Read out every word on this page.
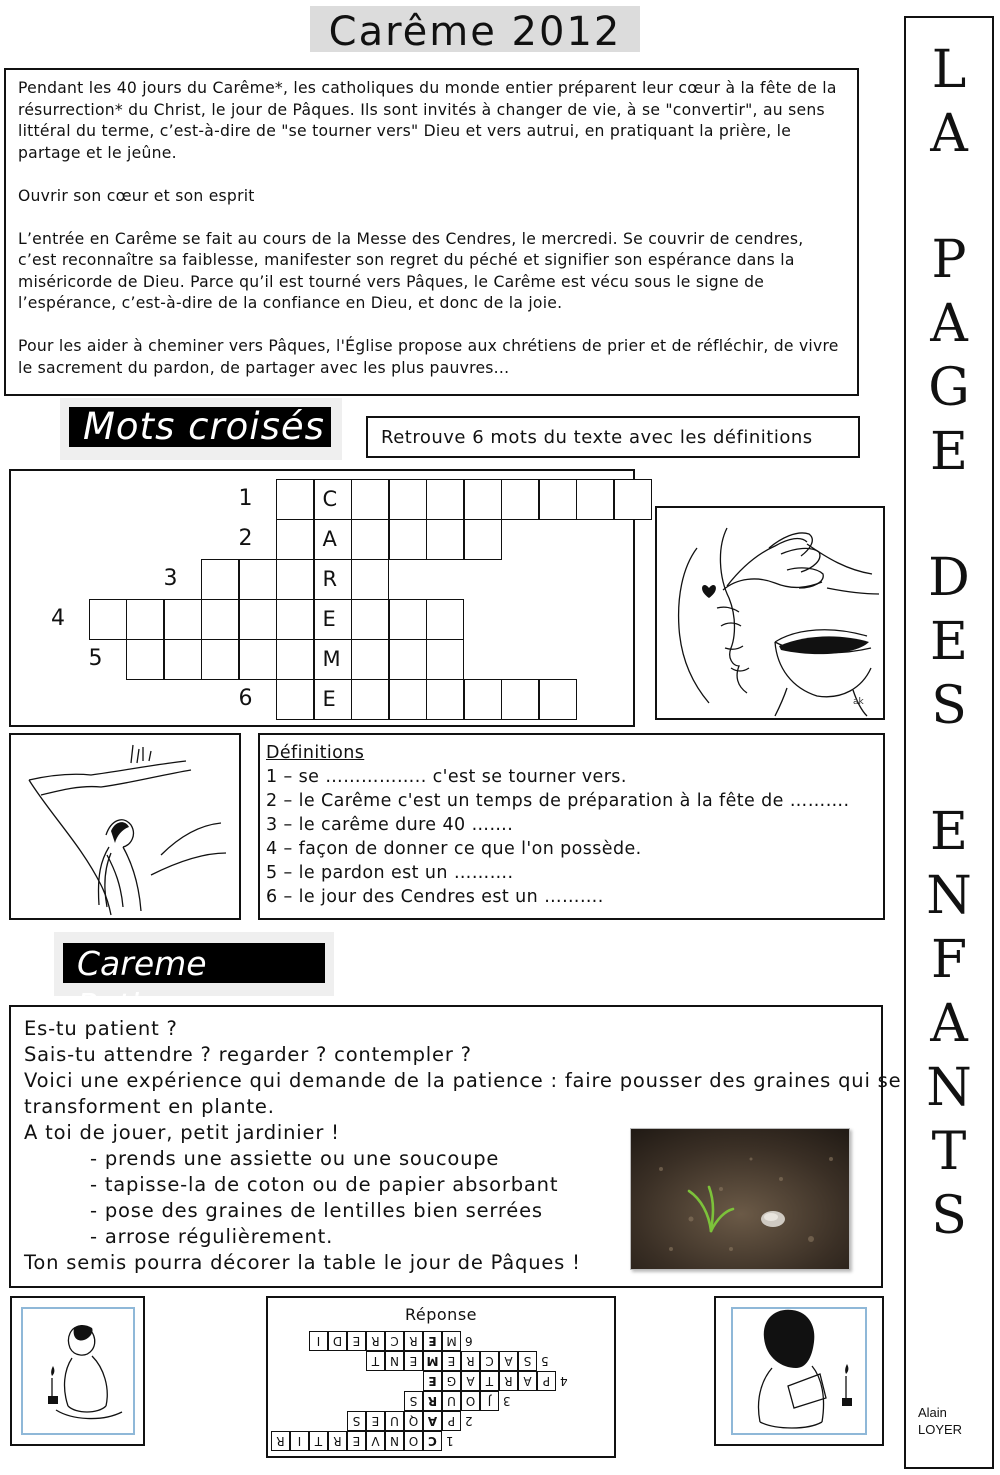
Carême 2012
L
A
P
A
G
E
D
E
S
E
N
F
A
N
T
S
Alain
LOYER

Pendant les 40 jours du Carême*, les catholiques du monde entier préparent leur cœur à la fête de la résurrection* du Christ, le jour de Pâques. Ils sont invités à changer de vie, à se "convertir", au sens littéral du terme, c’est-à-dire de "se tourner vers" Dieu et vers autrui, en pratiquant la prière, le partage et le jeûne.

Ouvrir son cœur et son esprit

L’entrée en Carême se fait au cours de la Messe des Cendres, le mercredi. Se couvrir de cendres, c’est reconnaître sa faiblesse, manifester son regret du péché et signifier son espérance dans la miséricorde de Dieu. Parce qu’il est tourné vers Pâques, le Carême est vécu sous le signe de l’espérance, c’est-à-dire de la confiance en Dieu, et donc de la joie.

Pour les aider à cheminer vers Pâques, l'Église propose aux chrétiens de prier et de réfléchir, de vivre le sacrement du pardon, de partager avec les plus pauvres...

Mots croisés	Retrouve 6 mots du texte avec les définitions
1	C
2	A
3	R
4	E
5	M
6	E	ak
Définitions
1 – se …………….. c'est se tourner vers.
2 – le Carême c'est un temps de préparation à la fête de ……….
3 – le carême dure 40 …….
4 – façon de donner ce que l'on possède.
5 – le pardon est un ……….
6 – le jour des Cendres est un ……….
Careme Patience
Es-tu patient ?
Sais-tu attendre ? regarder ? contempler ?
Voici une expérience qui demande de la patience : faire pousser des graines qui se
transforment en plante.
A toi de jouer, petit jardinier !
- prends une assiette ou une soucoupe
- tapisse-la de coton ou de papier absorbant
- pose des graines de lentilles bien serrées
- arrose régulièrement.
Ton semis pourra décorer la table le jour de Pâques !
Réponse
C
O
N
V
E
R
T
I
R	1
P
A
Q
U
E
S	2
J
O
U
R
S	3
P
A
R
T
A
G
E	4
S
A
C
R
E
M
E
N
T	5
M
E
R
C
R
E
D
I	6
